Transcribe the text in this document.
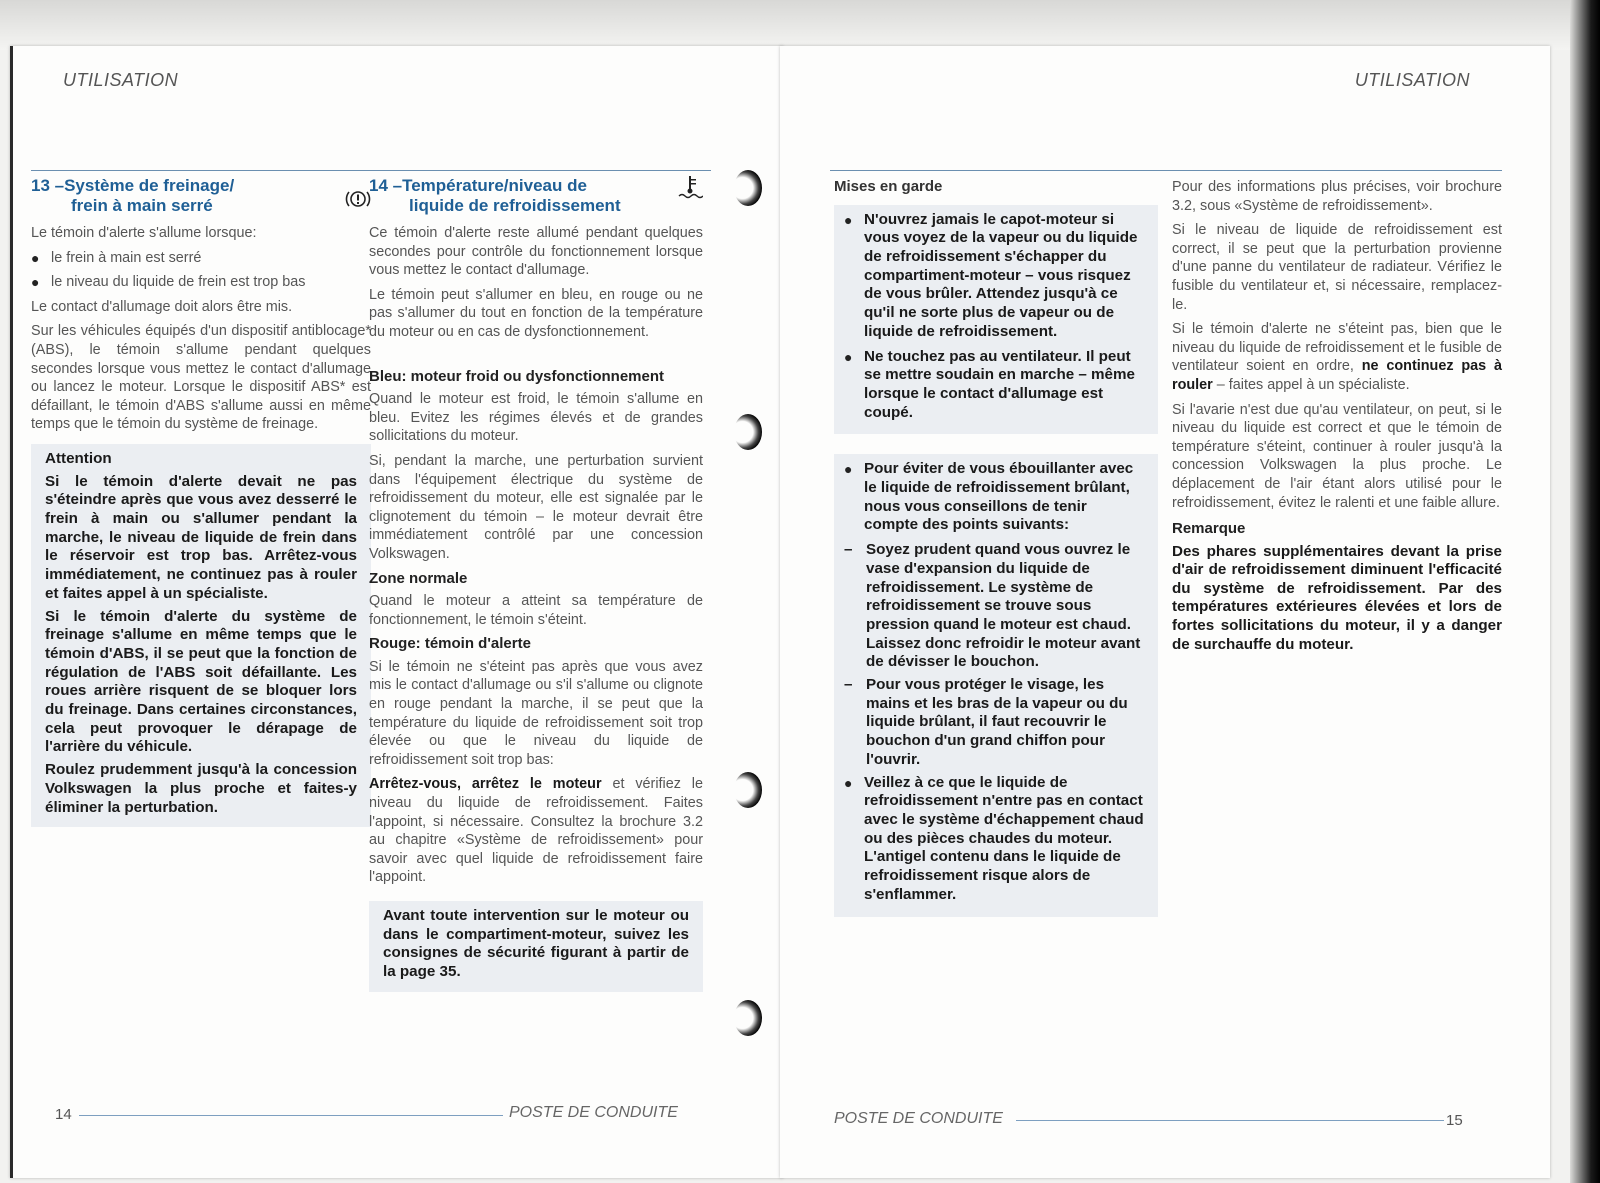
UTILISATION
13 –Système de freinage/
frein à main serré

Le témoin d'alerte s'allume lorsque:

● le frein à main est serré
● le niveau du liquide de frein est trop bas

Le contact d'allumage doit alors être mis.

Sur les véhicules équipés d'un dispositif antiblocage* (ABS), le témoin s'allume pendant quelques secondes lorsque vous mettez le contact d'allumage ou lancez le moteur. Lorsque le dispositif ABS* est défaillant, le témoin d'ABS s'allume aussi en même temps que le témoin du système de freinage.

Attention

Si le témoin d'alerte devait ne pas s'éteindre après que vous avez desserré le frein à main ou s'allumer pendant la marche, le niveau de liquide de frein dans le réservoir est trop bas. Arrêtez-vous immédiatement, ne continuez pas à rouler et faites appel à un spécialiste.

Si le témoin d'alerte du système de freinage s'allume en même temps que le témoin d'ABS, il se peut que la fonction de régulation de l'ABS soit défaillante. Les roues arrière risquent de se bloquer lors du freinage. Dans certaines circonstances, cela peut provoquer le dérapage de l'arrière du véhicule.

Roulez prudemment jusqu'à la concession Volkswagen la plus proche et faites-y éliminer la perturbation.

14 –Température/niveau de
liquide de refroidissement

Ce témoin d'alerte reste allumé pendant quelques secondes pour contrôle du fonctionnement lorsque vous mettez le contact d'allumage.

Le témoin peut s'allumer en bleu, en rouge ou ne pas s'allumer du tout en fonction de la température du moteur ou en cas de dysfonctionnement.

Bleu: moteur froid ou dysfonctionnement

Quand le moteur est froid, le témoin s'allume en bleu. Evitez les régimes élevés et de grandes sollicitations du moteur.

Si, pendant la marche, une perturbation survient dans l'équipement électrique du système de refroidissement du moteur, elle est signalée par le clignotement du témoin – le moteur devrait être immédiatement contrôlé par une concession Volkswagen.

Zone normale

Quand le moteur a atteint sa température de fonctionnement, le témoin s'éteint.

Rouge: témoin d'alerte

Si le témoin ne s'éteint pas après que vous avez mis le contact d'allumage ou s'il s'allume ou clignote en rouge pendant la marche, il se peut que la température du liquide de refroidissement soit trop élevée ou que le niveau du liquide de refroidissement soit trop bas:

Arrêtez-vous, arrêtez le moteur et vérifiez le niveau du liquide de refroidissement. Faites l'appoint, si nécessaire. Consultez la brochure 3.2 au chapitre «Système de refroidissement» pour savoir avec quel liquide de refroidissement faire l'appoint.

Avant toute intervention sur le moteur ou dans le compartiment-moteur, suivez les consignes de sécurité figurant à partir de la page 35.

14	POSTE DE CONDUITE
UTILISATION
Mises en garde
● N'ouvrez jamais le capot-moteur si vous voyez de la vapeur ou du liquide de refroidissement s'échapper du compartiment-moteur – vous risquez de vous brûler. Attendez jusqu'à ce qu'il ne sorte plus de vapeur ou de liquide de refroidissement.
● Ne touchez pas au ventilateur. Il peut se mettre soudain en marche – même lorsque le contact d'allumage est coupé.
● Pour éviter de vous ébouillanter avec le liquide de refroidissement brûlant, nous vous conseillons de tenir compte des points suivants:
– Soyez prudent quand vous ouvrez le vase d'expansion du liquide de refroidissement. Le système de refroidissement se trouve sous pression quand le moteur est chaud. Laissez donc refroidir le moteur avant de dévisser le bouchon.
– Pour vous protéger le visage, les mains et les bras de la vapeur ou du liquide brûlant, il faut recouvrir le bouchon d'un grand chiffon pour l'ouvrir.
● Veillez à ce que le liquide de refroidissement n'entre pas en contact avec le système d'échappement chaud ou des pièces chaudes du moteur. L'antigel contenu dans le liquide de refroidissement risque alors de s'enflammer.

Pour des informations plus précises, voir brochure 3.2, sous «Système de refroidissement».

Si le niveau de liquide de refroidissement est correct, il se peut que la perturbation provienne d'une panne du ventilateur de radiateur. Vérifiez le fusible du ventilateur et, si nécessaire, remplacez-le.

Si le témoin d'alerte ne s'éteint pas, bien que le niveau du liquide de refroidissement et le fusible de ventilateur soient en ordre, ne continuez pas à rouler – faites appel à un spécialiste.

Si l'avarie n'est due qu'au ventilateur, on peut, si le niveau du liquide est correct et que le témoin de température s'éteint, continuer à rouler jusqu'à la concession Volkswagen la plus proche. Le déplacement de l'air étant alors utilisé pour le refroidissement, évitez le ralenti et une faible allure.

Remarque

Des phares supplémentaires devant la prise d'air de refroidissement diminuent l'efficacité du système de refroidissement. Par des températures extérieures élevées et lors de fortes sollicitations du moteur, il y a danger de surchauffe du moteur.

POSTE DE CONDUITE	15
